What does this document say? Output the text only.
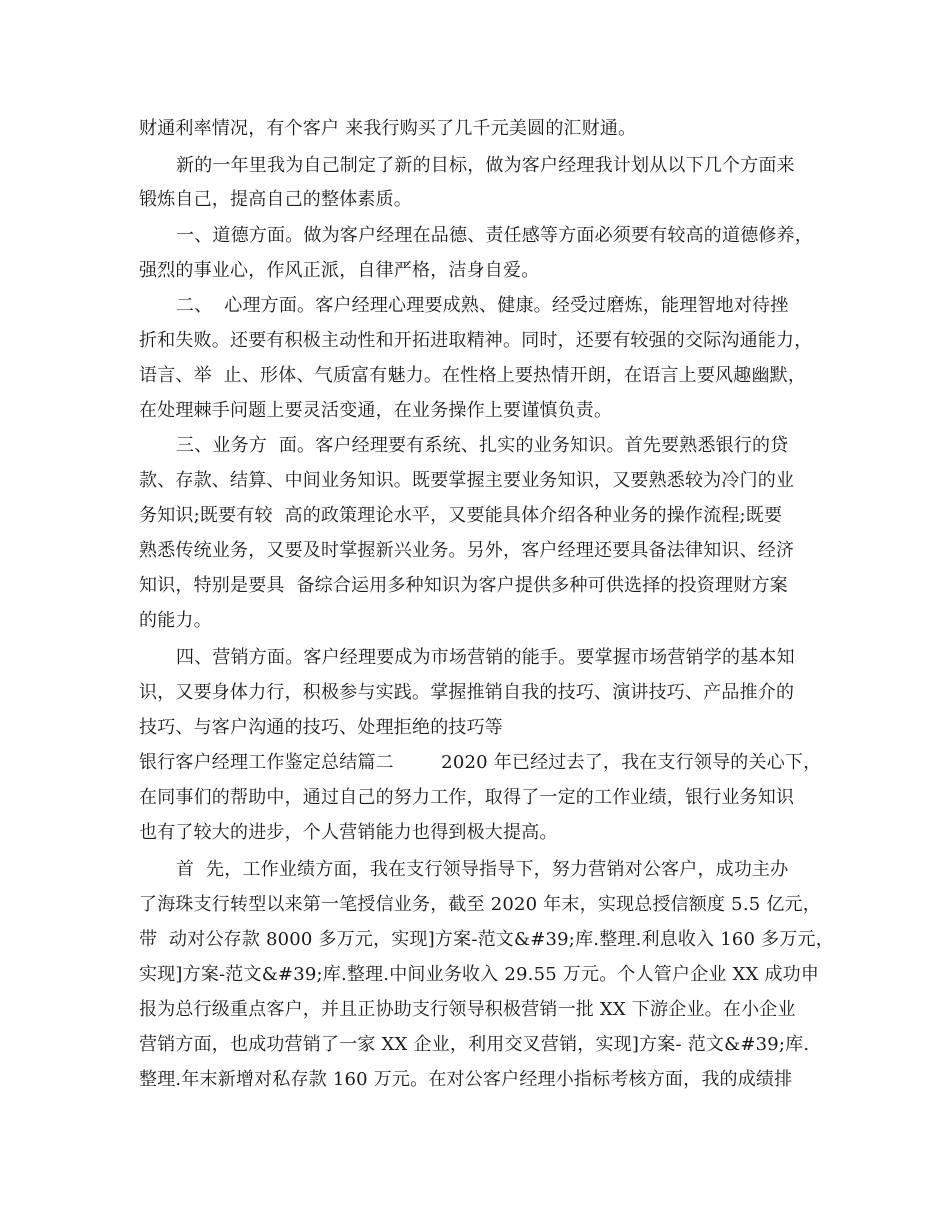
财通利率情况，有个客户 来我行购买了几千元美圆的汇财通。
新的一年里我为自己制定了新的目标，做为客户经理我计划从以下几个方面来
锻炼自己，提高自己的整体素质。
一、道德方面。做为客户经理在品德、责任感等方面必须要有较高的道德修养，
强烈的事业心，作风正派，自律严格，洁身自爱。
二、  心理方面。客户经理心理要成熟、健康。经受过磨炼，能理智地对待挫
折和失败。还要有积极主动性和开拓进取精神。同时，还要有较强的交际沟通能力，
语言、举  止、形体、气质富有魅力。在性格上要热情开朗，在语言上要风趣幽默，
在处理棘手问题上要灵活变通，在业务操作上要谨慎负责。
三、业务方  面。客户经理要有系统、扎实的业务知识。首先要熟悉银行的贷
款、存款、结算、中间业务知识。既要掌握主要业务知识，又要熟悉较为冷门的业
务知识;既要有较  高的政策理论水平，又要能具体介绍各种业务的操作流程;既要
熟悉传统业务，又要及时掌握新兴业务。另外，客户经理还要具备法律知识、经济
知识，特别是要具  备综合运用多种知识为客户提供多种可供选择的投资理财方案
的能力。
四、营销方面。客户经理要成为市场营销的能手。要掌握市场营销学的基本知
识，又要身体力行，积极参与实践。掌握推销自我的技巧、演讲技巧、产品推介的
技巧、与客户沟通的技巧、处理拒绝的技巧等
银行客户经理工作鉴定总结篇二        2020 年已经过去了，我在支行领导的关心下，
在同事们的帮助中，通过自己的努力工作，取得了一定的工作业绩，银行业务知识
也有了较大的进步，个人营销能力也得到极大提高。
首  先，工作业绩方面，我在支行领导指导下，努力营销对公客户，成功主办
了海珠支行转型以来第一笔授信业务，截至 2020 年末，实现总授信额度 5.5 亿元，
带  动对公存款 8000 多万元，实现]方案-范文&#39;库.整理.利息收入 160 多万元，
实现]方案-范文&#39;库.整理.中间业务收入 29.55 万元。个人管户企业 XX 成功申
报为总行级重点客户，并且正协助支行领导积极营销一批 XX 下游企业。在小企业
营销方面，也成功营销了一家 XX 企业，利用交叉营销，实现]方案- 范文&#39;库.
整理.年末新增对私存款 160 万元。在对公客户经理小指标考核方面，我的成绩排
